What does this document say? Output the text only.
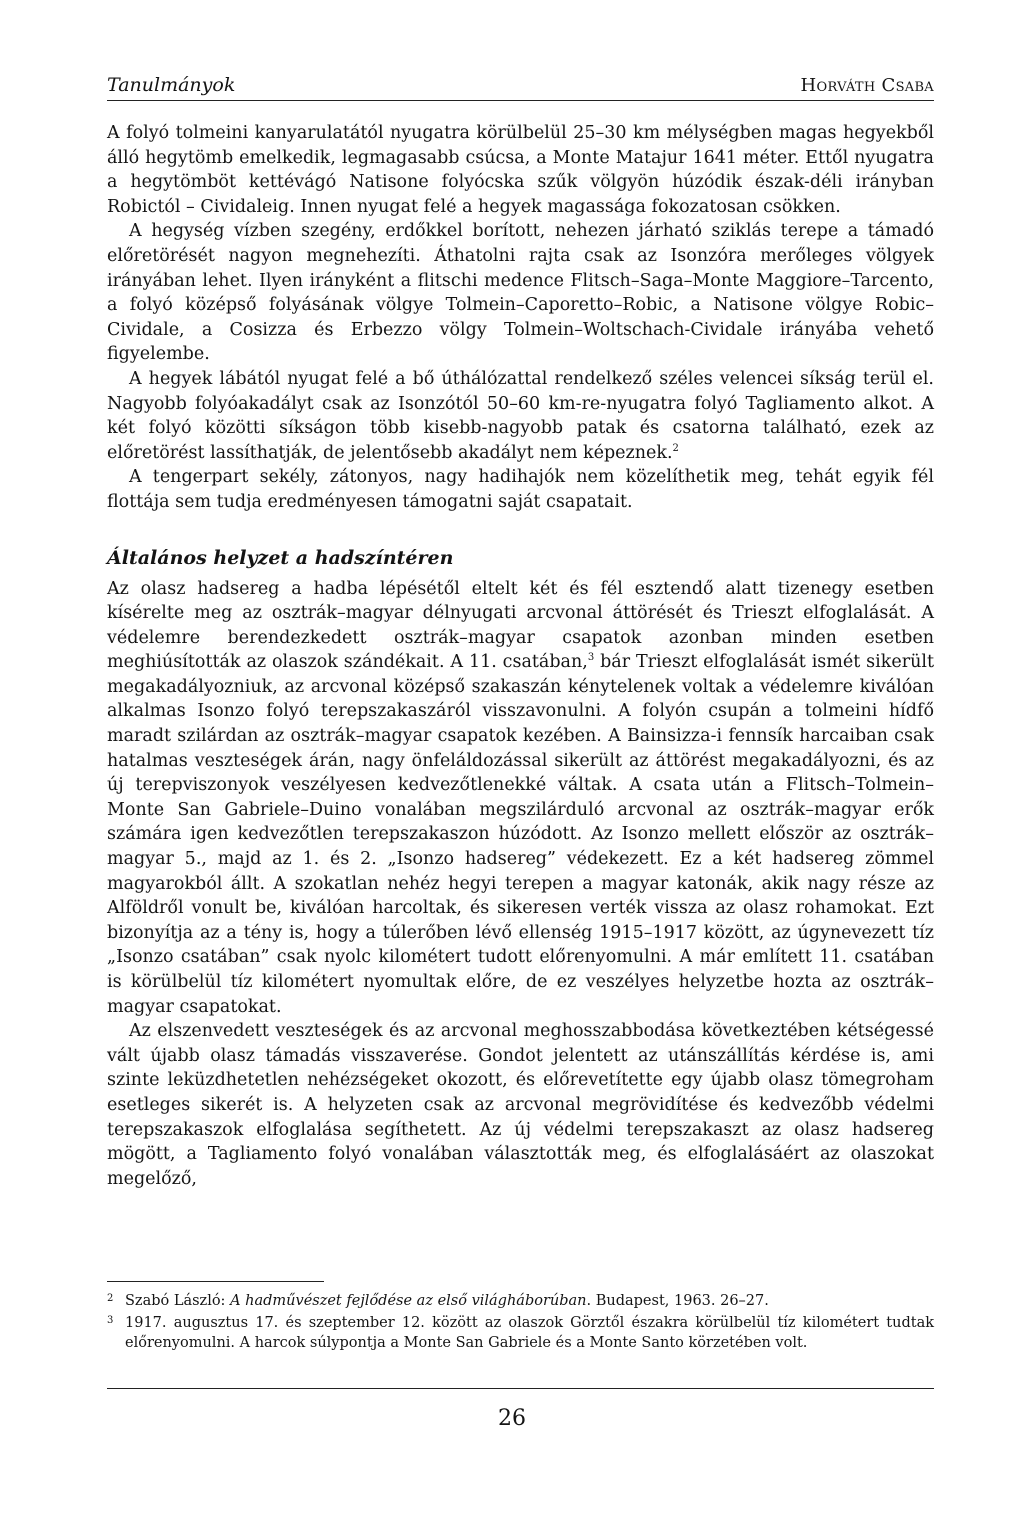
Tanulmányok	Horváth Csaba

A folyó tolmeini kanyarulatától nyugatra körülbelül 25–30 km mélységben magas hegyekből álló hegytömb emelkedik, legmagasabb csúcsa, a Monte Matajur 1641 méter. Ettől nyugatra a hegytömböt kettévágó Natisone folyócska szűk völgyön húzódik észak-déli irányban Robictól – Cividaleig. Innen nyugat felé a hegyek magassága fokozatosan csökken.

A hegység vízben szegény, erdőkkel borított, nehezen járható sziklás terepe a támadó előretörését nagyon megnehezíti. Áthatolni rajta csak az Isonzóra merőleges völgyek irányában lehet. Ilyen irányként a flitschi medence Flitsch–Saga–Monte Maggiore–Tarcento, a folyó középső folyásának völgye Tolmein–Caporetto–Robic, a Natisone völgye Robic–Cividale, a Cosizza és Erbezzo völgy Tolmein–Woltschach-Cividale irányába vehető figyelembe.

A hegyek lábától nyugat felé a bő úthálózattal rendelkező széles velencei síkság terül el. Nagyobb folyóakadályt csak az Isonzótól 50–60 km-re-nyugatra folyó Tagliamento alkot. A két folyó közötti síkságon több kisebb-nagyobb patak és csatorna található, ezek az előretörést lassíthatják, de jelentősebb akadályt nem képeznek.$^2$

A tengerpart sekély, zátonyos, nagy hadihajók nem közelíthetik meg, tehát egyik fél flottája sem tudja eredményesen támogatni saját csapatait.

Általános helyzet a hadszíntéren

Az olasz hadsereg a hadba lépésétől eltelt két és fél esztendő alatt tizenegy esetben kísérelte meg az osztrák–magyar délnyugati arcvonal áttörését és Trieszt elfoglalását. A védelemre berendezkedett osztrák–magyar csapatok azonban minden esetben meghiúsították az olaszok szándékait. A 11. csatában,$^3$ bár Trieszt elfoglalását ismét sikerült megakadályozniuk, az arcvonal középső szakaszán kénytelenek voltak a védelemre kiválóan alkalmas Isonzo folyó terepszakaszáról visszavonulni. A folyón csupán a tolmeini hídfő maradt szilárdan az osztrák–magyar csapatok kezében. A Bainsizza-i fennsík harcaiban csak hatalmas veszteségek árán, nagy önfeláldozással sikerült az áttörést megakadályozni, és az új terepviszonyok veszélyesen kedvezőtlenekké váltak. A csata után a Flitsch–Tolmein–Monte San Gabriele–Duino vonalában megszilárduló arcvonal az osztrák–magyar erők számára igen kedvezőtlen terepszakaszon húzódott. Az Isonzo mellett először az osztrák–magyar 5., majd az 1. és 2. „Isonzo hadsereg” védekezett. Ez a két hadsereg zömmel magyarokból állt. A szokatlan nehéz hegyi terepen a magyar katonák, akik nagy része az Alföldről vonult be, kiválóan harcoltak, és sikeresen verték vissza az olasz rohamokat. Ezt bizonyítja az a tény is, hogy a túlerőben lévő ellenség 1915–1917 között, az úgynevezett tíz „Isonzo csatában” csak nyolc kilométert tudott előrenyomulni. A már említett 11. csatában is körülbelül tíz kilométert nyomultak előre, de ez veszélyes helyzetbe hozta az osztrák–magyar csapatokat.

Az elszenvedett veszteségek és az arcvonal meghosszabbodása következtében kétségessé vált újabb olasz támadás visszaverése. Gondot jelentett az utánszállítás kérdése is, ami szinte leküzdhetetlen nehézségeket okozott, és előrevetítette egy újabb olasz tömegroham esetleges sikerét is. A helyzeten csak az arcvonal megrövidítése és kedvezőbb védelmi terepszakaszok elfoglalása segíthetett. Az új védelmi terepszakaszt az olasz hadsereg mögött, a Tagliamento folyó vonalában választották meg, és elfoglalásáért az olaszokat megelőző,

2 Szabó László: A hadművészet fejlődése az első világháborúban. Budapest, 1963. 26–27.
3 1917. augusztus 17. és szeptember 12. között az olaszok Görztől északra körülbelül tíz kilométert tudtak előrenyomulni. A harcok súlypontja a Monte San Gabriele és a Monte Santo körzetében volt.
26
